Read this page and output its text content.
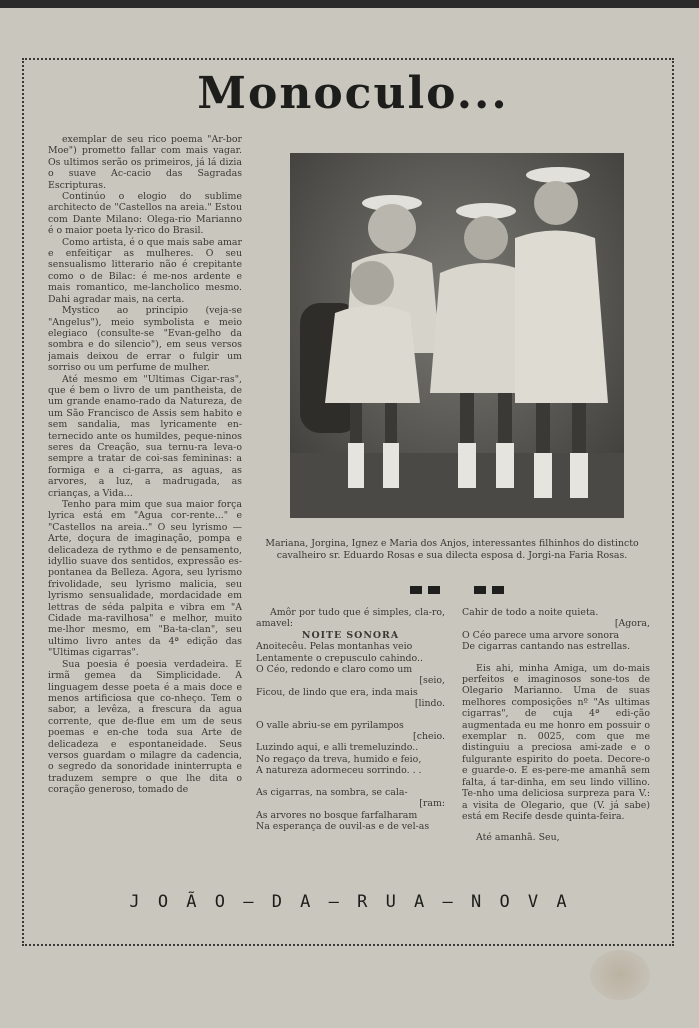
Monoculo...

exemplar de seu rico poema "Ar-bor Moe") prometto fallar com mais vagar. Os ultimos serão os primeiros, já lá dizia o suave Ac-cacio das Sagradas Escripturas.

Continúo o elogio do sublime architecto de "Castellos na areia." Estou com Dante Milano: Olega-rio Marianno é o maior poeta ly-rico do Brasil.

Como artista, é o que mais sabe amar e enfeitiçar as mulheres. O seu sensualismo litterario não é crepitante como o de Bilac: é me-nos ardente e mais romantico, me-lancholico mesmo. Dahi agradar mais, na certa.

Mystico ao principio (veja-se "Angelus"), meio symbolista e meio elegiaco (consulte-se "Evan-gelho da sombra e do silencio"), em seus versos jamais deixou de errar o fulgir um sorriso ou um perfume de mulher.

Até mesmo em "Ultimas Cigar-ras", que é bem o livro de um pantheista, de um grande enamo-rado da Natureza, de um São Francisco de Assis sem habito e sem sandalia, mas lyricamente en-ternecido ante os humildes, peque-ninos seres da Creação, sua ternu-ra leva-o sempre a tratar de coi-sas femininas: a formiga e a ci-garra, as aguas, as arvores, a luz, a madrugada, as crianças, a Vida...

Tenho para mim que sua maior força lyrica está em "Agua cor-rente..." e "Castellos na areia.." O seu lyrismo — Arte, doçura de imaginação, pompa e delicadeza de rythmo e de pensamento, idyllio suave dos sentidos, expressão es-pontanea da Belleza. Agora, seu lyrismo frivolidade, seu lyrismo malicia, seu lyrismo sensualidade, mordacidade em lettras de séda palpita e vibra em "A Cidade ma-ravilhosa" e melhor, muito me-lhor mesmo, em "Ba-ta-clan", seu ultimo livro antes da 4ª edição das "Ultimas cigarras".

Sua poesia é poesia verdadeira. E irmã gemea da Simplicidade. A linguagem desse poeta é a mais doce e menos artificiosa que co-nheço. Tem o sabor, a levêza, a frescura da agua corrente, que de-flue em um de seus poemas e en-che toda sua Arte de delicadeza e espontaneidade. Seus versos guardam o milagre da cadencia, o segredo da sonoridade ininterrupta e traduzem sempre o que lhe dita o coração generoso, tomado de

Mariana, Jorgina, Ignez e Maria dos Anjos, interessantes filhinhos do distincto cavalheiro sr. Eduardo Rosas e sua dilecta esposa d. Jorgi-na Faria Rosas.

Amôr por tudo que é simples, cla-ro, amavel:

NOITE SONORA

Anoitecêu. Pelas montanhas veio
Lentamente o crepusculo cahindo..
O Céo, redondo e claro como um
[seio,
Ficou, de lindo que era, inda mais
[lindo.
O valle abriu-se em pyrilampos
[cheio.
Luzindo aqui, e alli tremeluzindo..
No regaço da treva, humido e feio,
A natureza adormeceu sorrindo. . .
As cigarras, na sombra, se cala-
[ram:
As arvores no bosque farfalharam
Na esperança de ouvil-as e de vel-as
Cahir de todo a noite quieta.
[Agora,
O Céo parece uma arvore sonora
De cigarras cantando nas estrellas.

Eis ahi, minha Amiga, um do-mais perfeitos e imaginosos sone-tos de Olegario Marianno. Uma de suas melhores composições nº "As ultimas cigarras", de cuja 4ª edi-ção augmentada eu me honro em possuir o exemplar n. 0025, com que me distinguiu a preciosa ami-zade e o fulgurante espirito do poeta. Decore-o e guarde-o. E es-pere-me amanhã sem falta, á tar-dinha, em seu lindo villino. Te-nho uma deliciosa surpreza para V.: a visita de Olegario, que (V. já sabe) está em Recife desde quinta-feira.

Até amanhã. Seu,

J O Ã O — D A — R U A — N O V A
